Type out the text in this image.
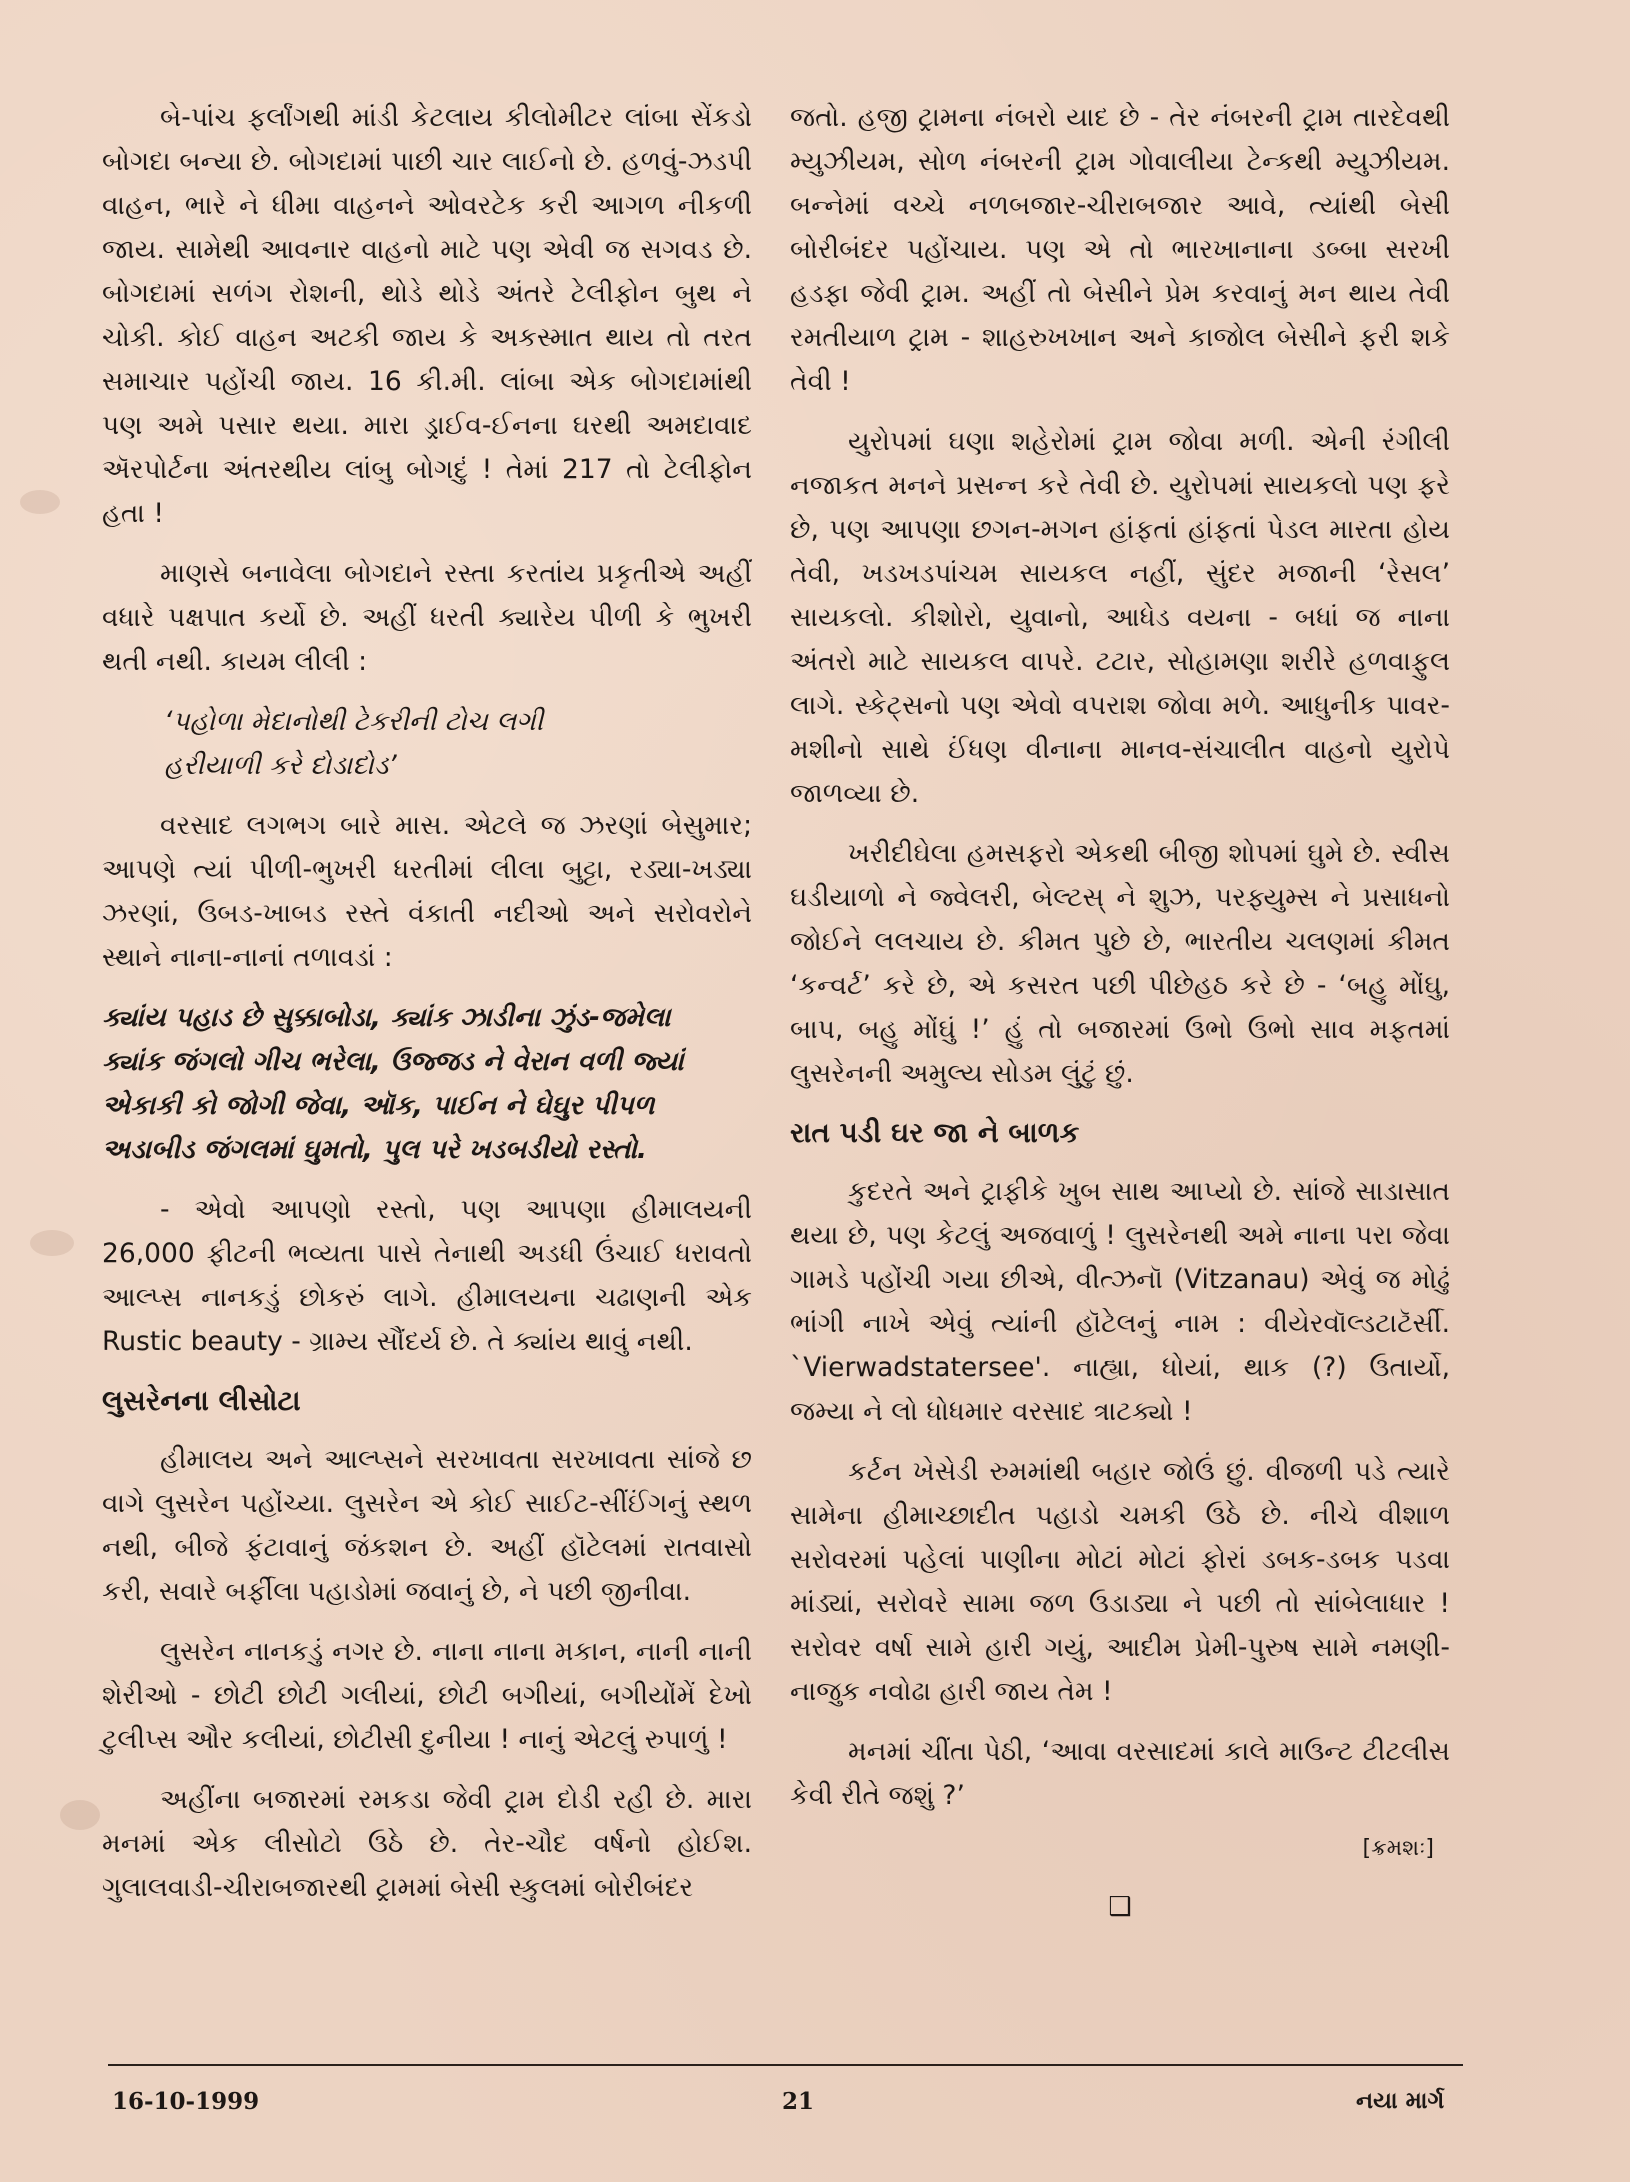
બે-પાંચ ફર્લાંગથી માંડી કેટલાય કીલોમીટર લાંબા સેંકડો બોગદા બન્યા છે. બોગદામાં પાછી ચાર લાઈનો છે. હળવું-ઝડપી વાહન, ભારે ને ધીમા વાહનને ઓવરટેક કરી આગળ નીકળી જાય. સામેથી આવનાર વાહનો માટે પણ એવી જ સગવડ છે. બોગદામાં સળંગ રોશની, થોડે થોડે અંતરે ટેલીફોન બુથ ને ચોકી. કોઈ વાહન અટકી જાય કે અકસ્માત થાય તો તરત સમાચાર પહોંચી જાય. 16 કી.મી. લાંબા એક બોગદામાંથી પણ અમે પસાર થયા. મારા ડ્રાઈવ-ઈનના ઘરથી અમદાવાદ ઍરપોર્ટના અંતરથીય લાંબુ બોગદું ! તેમાં 217 તો ટેલીફોન હતા !

માણસે બનાવેલા બોગદાને રસ્તા કરતાંય પ્રકૃતીએ અહીં વધારે પક્ષપાત કર્યો છે. અહીં ધરતી ક્યારેય પીળી કે ભુખરી થતી નથી. કાયમ લીલી :

‘પહોળા મેદાનોથી ટેકરીની ટોચ લગી

હરીયાળી કરે દોડાદોડ’

વરસાદ લગભગ બારે માસ. એટલે જ ઝરણાં બેસુમાર; આપણે ત્યાં પીળી-ભુખરી ધરતીમાં લીલા બુટ્ટા, રડ્યા-ખડ્યા ઝરણાં, ઉબડ-ખાબડ રસ્તે વંકાતી નદીઓ અને સરોવરોને સ્થાને નાના-નાનાં તળાવડાં :

ક્યાંય પહાડ છે સુક્કાબોડા, ક્યાંક ઝાડીના ઝુંડ-જમેલા

ક્યાંક જંગલો ગીચ ભરેલા, ઉજ્જડ ને વેરાન વળી જ્યાં

એકાકી કો જોગી જેવા, ઑક, પાઈન ને ઘેઘુર પીપળ

અડાબીડ જંગલમાં ઘુમતો, પુલ પરે ખડબડીયો રસ્તો.

- એવો આપણો રસ્તો, પણ આપણા હીમાલયની 26,000 ફીટની ભવ્યતા પાસે તેનાથી અડધી ઉંચાઈ ધરાવતો આલ્પ્સ નાનકડું છોકરું લાગે. હીમાલયના ચઢાણની એક Rustic beauty - ગ્રામ્ય સૌંદર્ય છે. તે ક્યાંય થાવું નથી.

લુસરેનના લીસોટા

હીમાલય અને આલ્પ્સને સરખાવતા સરખાવતા સાંજે છ વાગે લુસરેન પહોંચ્યા. લુસરેન એ કોઈ સાઈટ-સીંઈંગનું સ્થળ નથી, બીજે ફંટાવાનું જંકશન છે. અહીં હૉટેલમાં રાતવાસો કરી, સવારે બર્ફીલા પહાડોમાં જવાનું છે, ને પછી જીનીવા.

લુસરેન નાનકડું નગર છે. નાના નાના મકાન, નાની નાની શેરીઓ - છોટી છોટી ગલીયાં, છોટી બગીયાં, બગીયોંમેં દેખો ટુલીપ્સ ઔર કલીયાં, છોટીસી દુનીયા ! નાનું એટલું રુપાળું !

અહીંના બજારમાં રમકડા જેવી ટ્રામ દોડી રહી છે. મારા મનમાં એક લીસોટો ઉઠે છે. તેર-ચૌદ વર્ષનો હોઈશ. ગુલાલવાડી-ચીરાબજારથી ટ્રામમાં બેસી સ્કુલમાં બોરીબંદર

જતો. હજી ટ્રામના નંબરો યાદ છે - તેર નંબરની ટ્રામ તારદેવથી મ્યુઝીયમ, સોળ નંબરની ટ્રામ ગોવાલીયા ટેન્કથી મ્યુઝીયમ. બન્નેમાં વચ્ચે નળબજાર-ચીરાબજાર આવે, ત્યાંથી બેસી બોરીબંદર પહોંચાય. પણ એ તો ભારખાનાના ડબ્બા સરખી હડફા જેવી ટ્રામ. અહીં તો બેસીને પ્રેમ કરવાનું મન થાય તેવી રમતીયાળ ટ્રામ - શાહરુખખાન અને કાજોલ બેસીને ફરી શકે તેવી !

યુરોપમાં ઘણા શહેરોમાં ટ્રામ જોવા મળી. એની રંગીલી નજાકત મનને પ્રસન્ન કરે તેવી છે. યુરોપમાં સાયકલો પણ ફરે છે, પણ આપણા છગન-મગન હાંફતાં હાંફતાં પેડલ મારતા હોય તેવી, ખડખડપાંચમ સાયકલ નહીં, સુંદર મજાની ‘રેસલ’ સાયકલો. કીશોરો, યુવાનો, આધેડ વયના - બધાં જ નાના અંતરો માટે સાયકલ વાપરે. ટટાર, સોહામણા શરીરે હળવાફુલ લાગે. સ્કેટ્સનો પણ એવો વપરાશ જોવા મળે. આધુનીક પાવર-મશીનો સાથે ઈંધણ વીનાના માનવ-સંચાલીત વાહનો યુરોપે જાળવ્યા છે.

ખરીદીઘેલા હમસફરો એકથી બીજી શોપમાં ઘુમે છે. સ્વીસ ઘડીયાળો ને જ્વેલરી, બેલ્ટસ્ ને શુઝ, પરફ્યુમ્સ ને પ્રસાધનો જોઈને લલચાય છે. કીમત પુછે છે, ભારતીય ચલણમાં કીમત ‘કન્વર્ટ’ કરે છે, એ કસરત પછી પીછેહઠ કરે છે - ‘બહુ મોંઘુ, બાપ, બહુ મોંઘું !’ હું તો બજારમાં ઉભો ઉભો સાવ મફતમાં લુસરેનની અમુલ્ય સોડમ લુંટું છું.

રાત પડી ઘર જા ને બાળક

કુદરતે અને ટ્રાફીકે ખુબ સાથ આપ્યો છે. સાંજે સાડાસાત થયા છે, પણ કેટલું અજવાળું ! લુસરેનથી અમે નાના પરા જેવા ગામડે પહોંચી ગયા છીએ, વીત્ઝનૉ (Vitzanau) એવું જ મોઢું ભાંગી નાખે એવું ત્યાંની હૉટેલનું નામ : વીયેરવૉલ્ડટાટૅર્સી. `Vierwadstatersee'. નાહ્યા, ધોયાં, થાક (?) ઉતાર્યો, જમ્યા ને લો ધોધમાર વરસાદ ત્રાટક્યો !

કર્ટન ખેસેડી રુમમાંથી બહાર જોઉં છું. વીજળી પડે ત્યારે સામેના હીમાચ્છાદીત પહાડો ચમકી ઉઠે છે. નીચે વીશાળ સરોવરમાં પહેલાં પાણીના મોટાં મોટાં ફોરાં ડબક-ડબક પડવા માંડ્યાં, સરોવરે સામા જળ ઉડાડ્યા ને પછી તો સાંબેલાધાર ! સરોવર વર્ષા સામે હારી ગયું, આદીમ પ્રેમી-પુરુષ સામે નમણી-નાજુક નવોઢા હારી જાય તેમ !

મનમાં ચીંતા પેઠી, ‘આવા વરસાદમાં કાલે માઉન્ટ ટીટલીસ કેવી રીતે જશું ?’

[ક્રમશઃ]
❑
16-10-1999	21	નયા માર્ગ
